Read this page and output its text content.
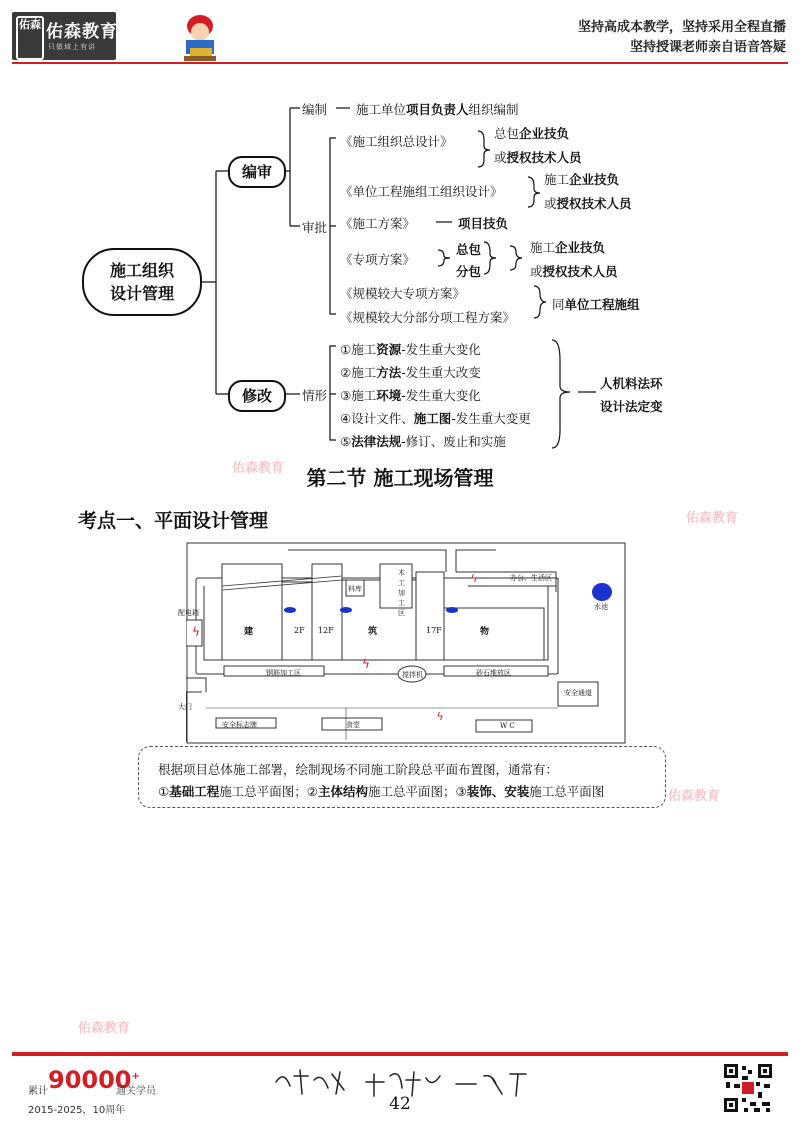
佑森 佑森教育
只做域上有讲
坚持高成本教学，坚持采用全程直播
坚持授课老师亲自语音答疑
佑森教育
佑森教育
佑森教育
佑森教育
施工组织
设计管理
编审
修改
编制 施工单位项目负责人组织编制
审批
《施工组织总设计》
总包企业技负
或授权技术人员
《单位工程施组工组织设计》
施工企业技负
或授权技术人员
《施工方案》	项目技负
《专项方案》
总包
分包
施工企业技负
或授权技术人员
《规模较大专项方案》
《规模较大分部分项工程方案》
同单位工程施组
情形
①施工资源-发生重大变化
②施工方法-发生重大改变
③施工环境-发生重大变化
④设计文件、施工图-发生重大变更
⑤法律法规-修订、废止和实施
人机料法环
设计法定变
第二节 施工现场管理
考点一、平面设计管理
ϟ
ϟ
ϟ
ϟ
办公、生活区
水池
配电箱
料库
木工加工区
钢筋加工区	砂石堆放区
搅拌机
大门
安全标志牌	食堂	W C
安全通道
建	2F 12F	筑	17F	物
根据项目总体施工部署，绘制现场不同施工阶段总平面布置图，通常有：
①基础工程施工总平面图；②主体结构施工总平面图；③装饰、安装施工总平面图
累计 90000+
通关学员
2015-2025，10周年	42
